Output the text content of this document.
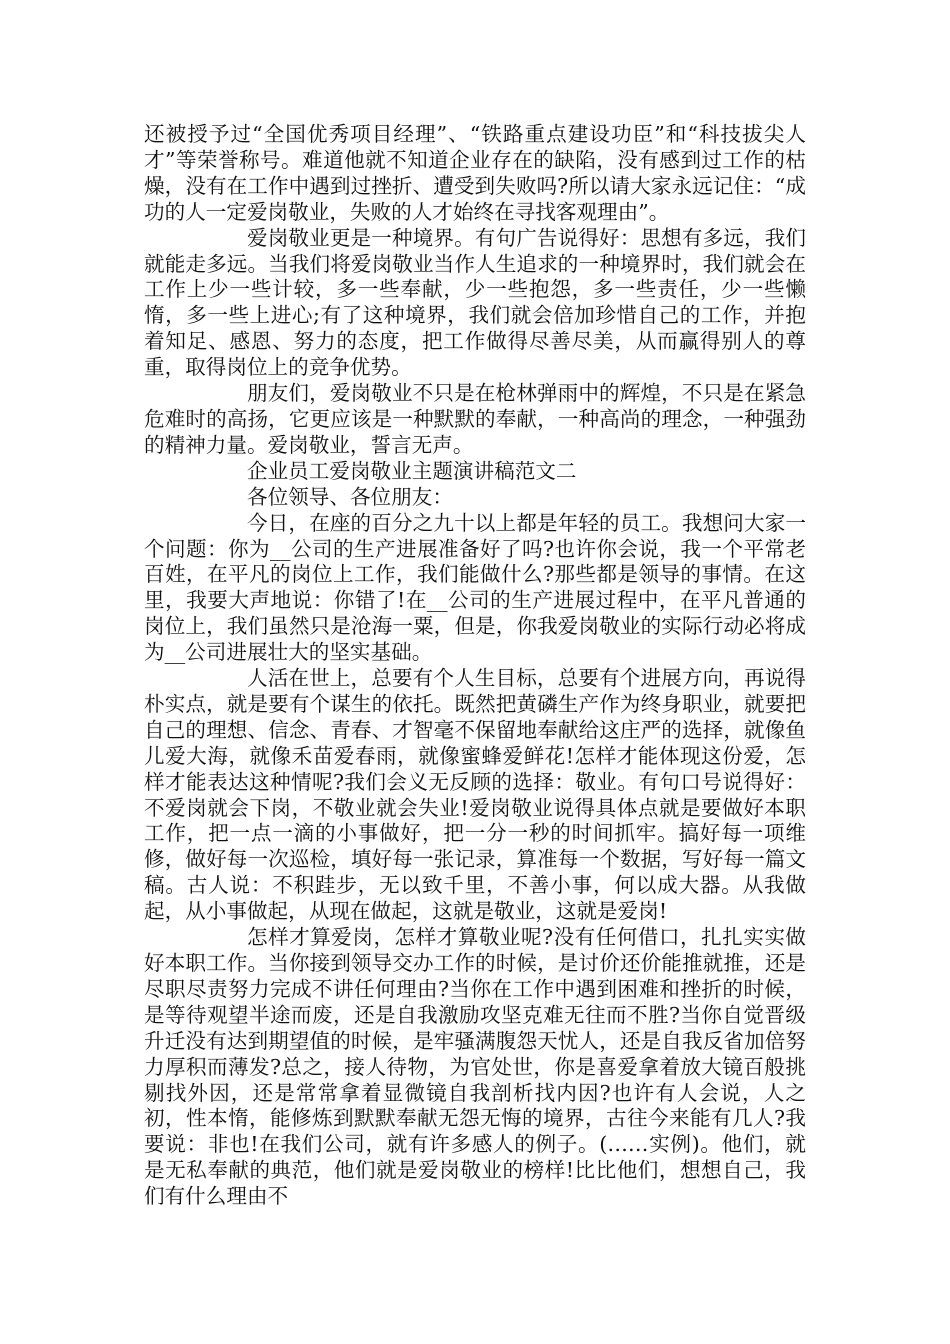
还被授予过“全国优秀项目经理”、“铁路重点建设功臣”和“科技拔尖人才”等荣誉称号。难道他就不知道企业存在的缺陷，没有感到过工作的枯燥，没有在工作中遇到过挫折、遭受到失败吗?所以请大家永远记住：“成功的人一定爱岗敬业，失败的人才始终在寻找客观理由”。

爱岗敬业更是一种境界。有句广告说得好：思想有多远，我们就能走多远。当我们将爱岗敬业当作人生追求的一种境界时，我们就会在工作上少一些计较，多一些奉献，少一些抱怨，多一些责任，少一些懒惰，多一些上进心;有了这种境界，我们就会倍加珍惜自己的工作，并抱着知足、感恩、努力的态度，把工作做得尽善尽美，从而赢得别人的尊重，取得岗位上的竞争优势。

朋友们，爱岗敬业不只是在枪林弹雨中的辉煌，不只是在紧急危难时的高扬，它更应该是一种默默的奉献，一种高尚的理念，一种强劲的精神力量。爱岗敬业，誓言无声。

企业员工爱岗敬业主题演讲稿范文二

各位领导、各位朋友：

今日，在座的百分之九十以上都是年轻的员工。我想问大家一个问题：你为__公司的生产进展准备好了吗?也许你会说，我一个平常老百姓，在平凡的岗位上工作，我们能做什么?那些都是领导的事情。在这里，我要大声地说：你错了!在__公司的生产进展过程中，在平凡普通的岗位上，我们虽然只是沧海一粟，但是，你我爱岗敬业的实际行动必将成为__公司进展壮大的坚实基础。

人活在世上，总要有个人生目标，总要有个进展方向，再说得朴实点，就是要有个谋生的依托。既然把黄磷生产作为终身职业，就要把自己的理想、信念、青春、才智毫不保留地奉献给这庄严的选择，就像鱼儿爱大海，就像禾苗爱春雨，就像蜜蜂爱鲜花!怎样才能体现这份爱，怎样才能表达这种情呢?我们会义无反顾的选择：敬业。有句口号说得好：不爱岗就会下岗，不敬业就会失业!爱岗敬业说得具体点就是要做好本职工作，把一点一滴的小事做好，把一分一秒的时间抓牢。搞好每一项维修，做好每一次巡检，填好每一张记录，算准每一个数据，写好每一篇文稿。古人说：不积跬步，无以致千里，不善小事，何以成大器。从我做起，从小事做起，从现在做起，这就是敬业，这就是爱岗!

怎样才算爱岗，怎样才算敬业呢?没有任何借口，扎扎实实做好本职工作。当你接到领导交办工作的时候，是讨价还价能推就推，还是尽职尽责努力完成不讲任何理由?当你在工作中遇到困难和挫折的时候，是等待观望半途而废，还是自我激励攻坚克难无往而不胜?当你自觉晋级升迁没有达到期望值的时候，是牢骚满腹怨天忧人，还是自我反省加倍努力厚积而薄发?总之，接人待物，为官处世，你是喜爱拿着放大镜百般挑剔找外因，还是常常拿着显微镜自我剖析找内因?也许有人会说，人之初，性本惰，能修炼到默默奉献无怨无悔的境界，古往今来能有几人?我要说：非也!在我们公司，就有许多感人的例子。(……实例)。他们，就是无私奉献的典范，他们就是爱岗敬业的榜样!比比他们，想想自己，我们有什么理由不
